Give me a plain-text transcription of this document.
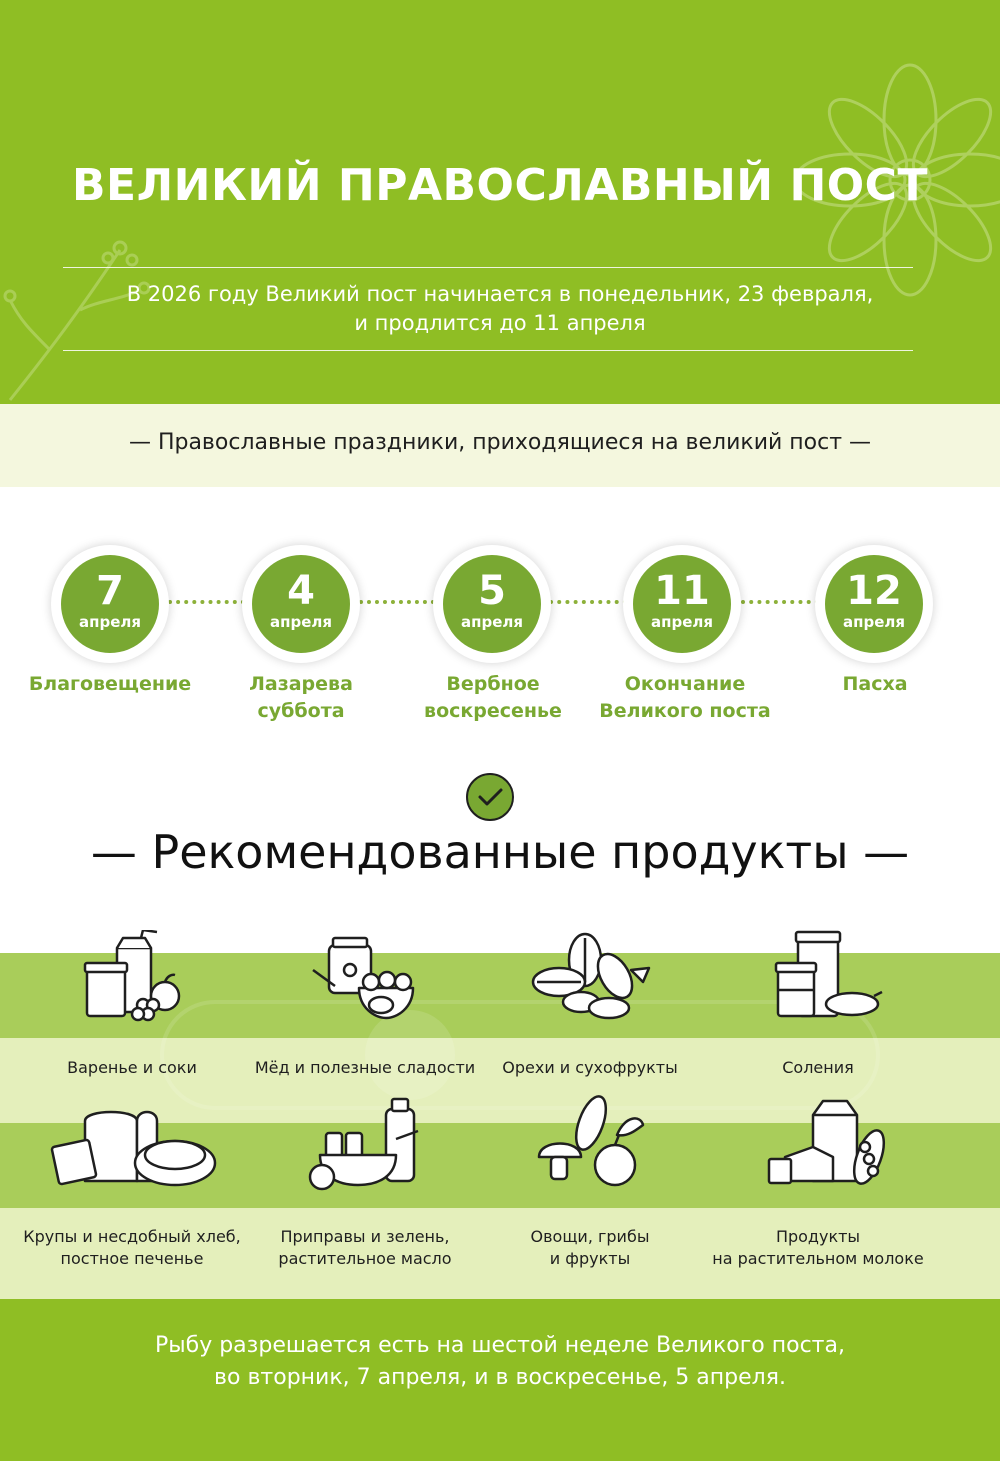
ВЕЛИКИЙ ПРАВОСЛАВНЫЙ ПОСТ
В 2026 году Великий пост начинается в понедельник, 23 февраля,
и продлится до 11 апреля
— Православные праздники, приходящиеся на великий пост —
7
апреля
Благовещение
4
апреля
Лазарева
суббота
5
апреля
Вербное
воскресенье
11
апреля
Окончание
Великого поста
12
апреля
Пасха
— Рекомендованные продукты —
Варенье и соки	Мёд и полезные сладости	Орехи и сухофрукты	Соления
Крупы и несдобный хлеб,
постное печенье
Приправы и зелень,
растительное масло
Овощи, грибы
и фрукты
Продукты
на растительном молоке
Рыбу разрешается есть на шестой неделе Великого поста,
во вторник, 7 апреля, и в воскресенье, 5 апреля.
